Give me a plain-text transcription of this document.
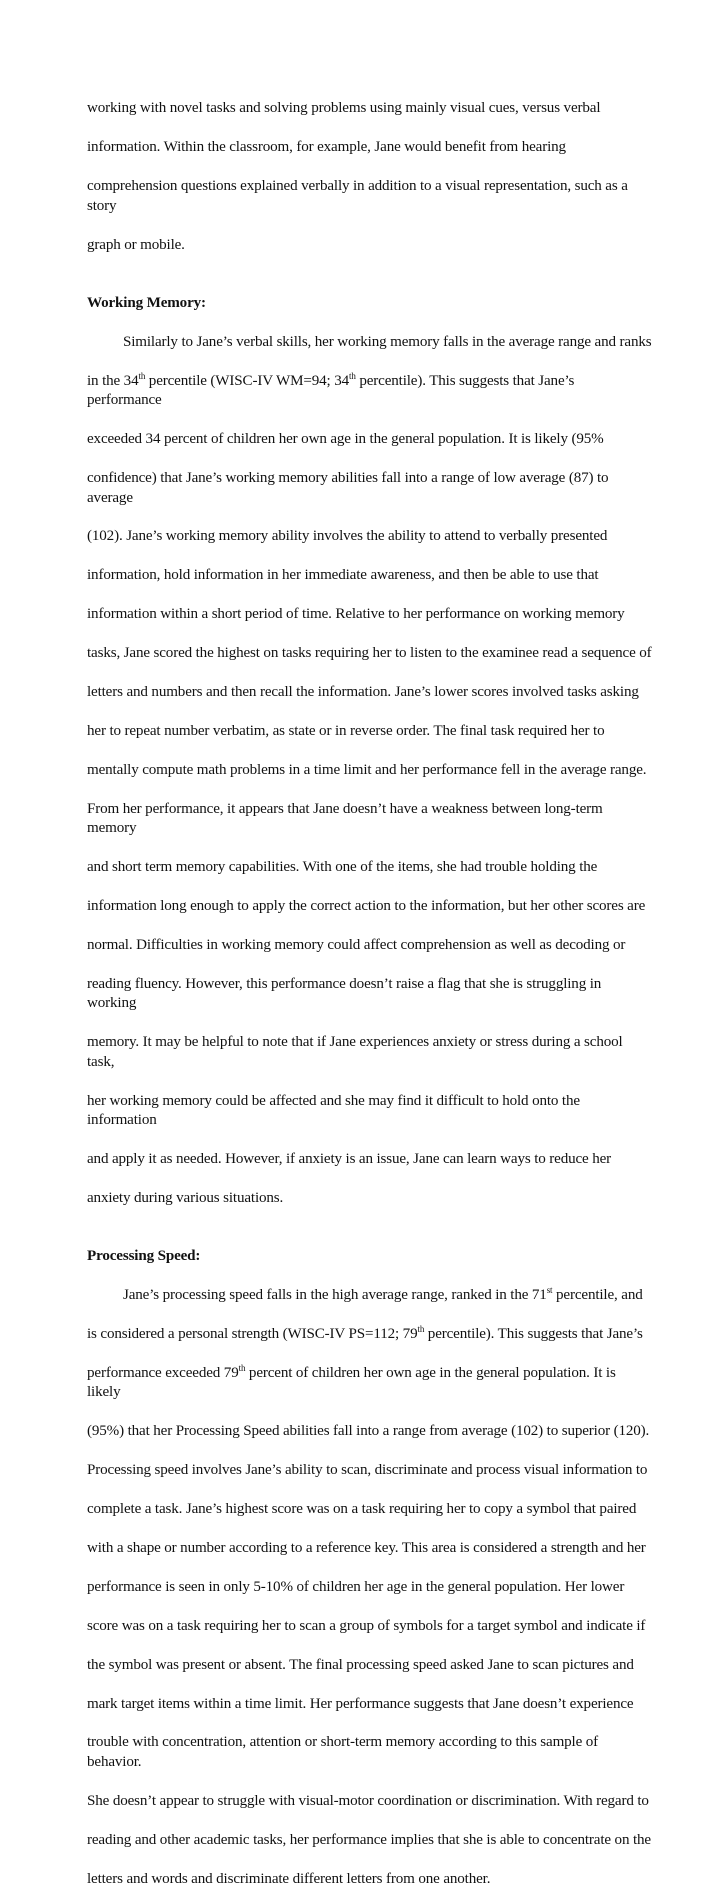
working with novel tasks and solving problems using mainly visual cues, versus verbal

information. Within the classroom, for example, Jane would benefit from hearing

comprehension questions explained verbally in addition to a visual representation, such as a story

graph or mobile.

Working Memory:

Similarly to Jane’s verbal skills, her working memory falls in the average range and ranks

in the 34th percentile (WISC-IV WM=94; 34th percentile). This suggests that Jane’s performance

exceeded 34 percent of children her own age in the general population. It is likely (95%

confidence) that Jane’s working memory abilities fall into a range of low average (87) to average

(102). Jane’s working memory ability involves the ability to attend to verbally presented

information, hold information in her immediate awareness, and then be able to use that

information within a short period of time. Relative to her performance on working memory

tasks, Jane scored the highest on tasks requiring her to listen to the examinee read a sequence of

letters and numbers and then recall the information. Jane’s lower scores involved tasks asking

her to repeat number verbatim, as state or in reverse order. The final task required her to

mentally compute math problems in a time limit and her performance fell in the average range.

From her performance, it appears that Jane doesn’t have a weakness between long-term memory

and short term memory capabilities. With one of the items, she had trouble holding the

information long enough to apply the correct action to the information, but her other scores are

normal. Difficulties in working memory could affect comprehension as well as decoding or

reading fluency. However, this performance doesn’t raise a flag that she is struggling in working

memory. It may be helpful to note that if Jane experiences anxiety or stress during a school task,

her working memory could be affected and she may find it difficult to hold onto the information

and apply it as needed. However, if anxiety is an issue, Jane can learn ways to reduce her

anxiety during various situations.

Processing Speed:

Jane’s processing speed falls in the high average range, ranked in the 71st percentile, and

is considered a personal strength (WISC-IV PS=112; 79th percentile). This suggests that Jane’s

performance exceeded 79th percent of children her own age in the general population. It is likely

(95%) that her Processing Speed abilities fall into a range from average (102) to superior (120).

Processing speed involves Jane’s ability to scan, discriminate and process visual information to

complete a task. Jane’s highest score was on a task requiring her to copy a symbol that paired

with a shape or number according to a reference key. This area is considered a strength and her

performance is seen in only 5-10% of children her age in the general population. Her lower

score was on a task requiring her to scan a group of symbols for a target symbol and indicate if

the symbol was present or absent. The final processing speed asked Jane to scan pictures and

mark target items within a time limit. Her performance suggests that Jane doesn’t experience

trouble with concentration, attention or short-term memory according to this sample of behavior.

She doesn’t appear to struggle with visual-motor coordination or discrimination. With regard to

reading and other academic tasks, her performance implies that she is able to concentrate on the

letters and words and discriminate different letters from one another.
